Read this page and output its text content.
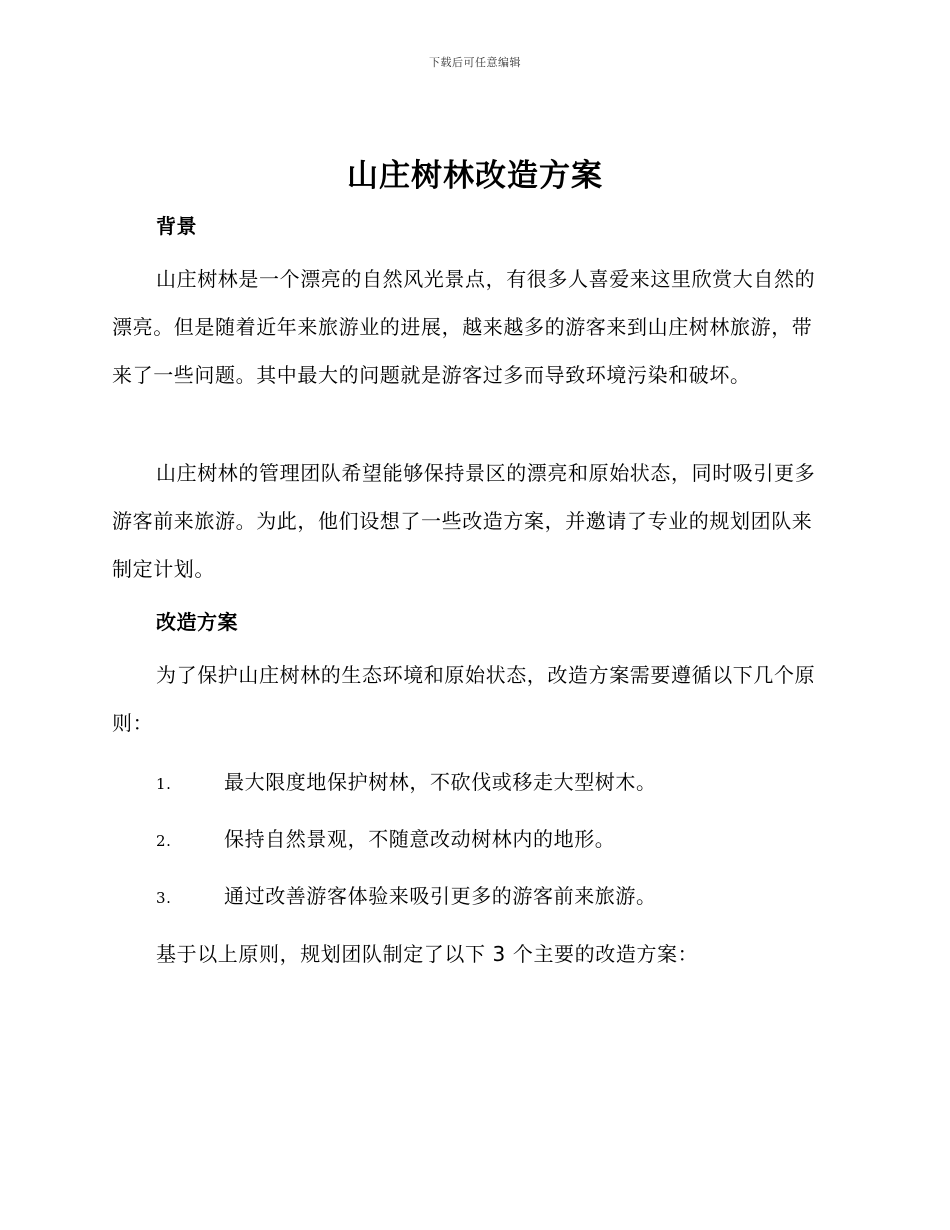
下载后可任意编辑
山庄树林改造方案
背景

山庄树林是一个漂亮的自然风光景点，有很多人喜爱来这里欣赏大自然的漂亮。但是随着近年来旅游业的进展，越来越多的游客来到山庄树林旅游，带来了一些问题。其中最大的问题就是游客过多而导致环境污染和破坏。

山庄树林的管理团队希望能够保持景区的漂亮和原始状态，同时吸引更多游客前来旅游。为此，他们设想了一些改造方案，并邀请了专业的规划团队来制定计划。

改造方案

为了保护山庄树林的生态环境和原始状态，改造方案需要遵循以下几个原则：

1.	最大限度地保护树林，不砍伐或移走大型树木。
2.	保持自然景观，不随意改动树林内的地形。
3.	通过改善游客体验来吸引更多的游客前来旅游。
基于以上原则，规划团队制定了以下 3 个主要的改造方案：
